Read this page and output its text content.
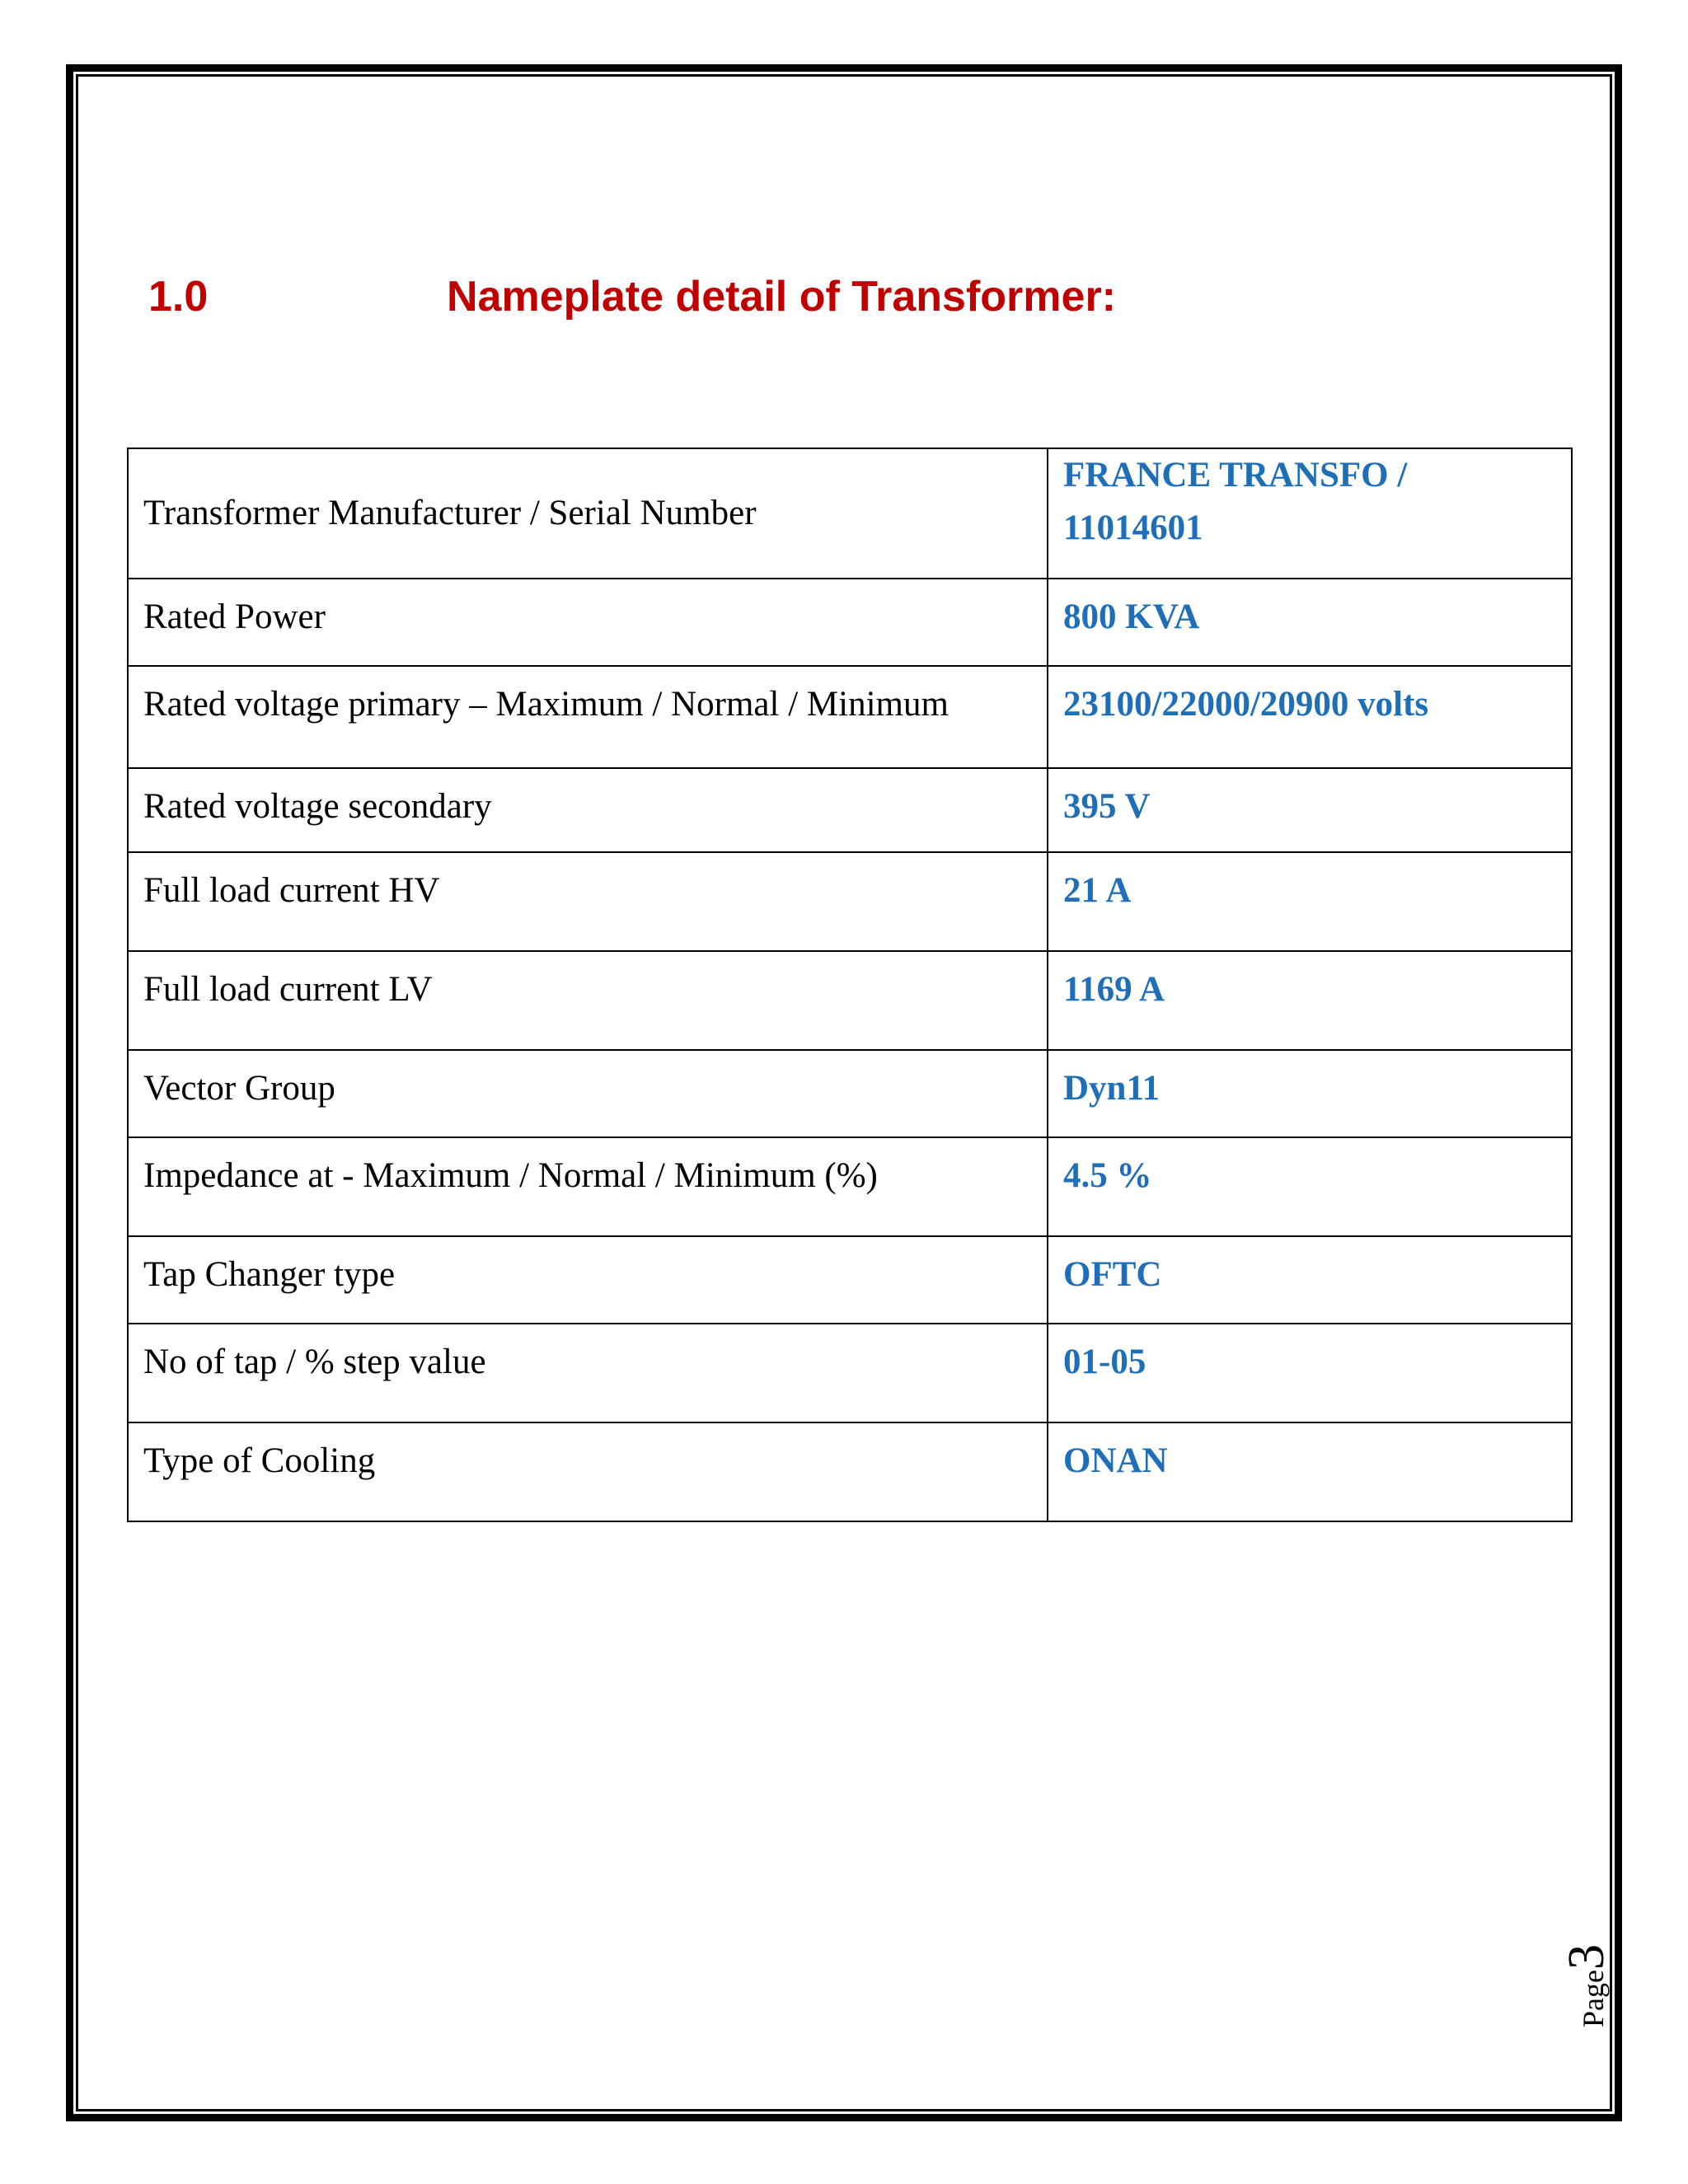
1.0	Nameplate detail of Transformer:
Transformer Manufacturer / Serial Number	FRANCE TRANSFO /
11014601

Rated Power	800 KVA
Rated voltage primary – Maximum / Normal / Minimum	23100/22000/20900 volts
Rated voltage secondary	395 V
Full load current HV	21 A
Full load current LV	1169 A
Vector Group	Dyn11
Impedance at - Maximum / Normal / Minimum (%)	4.5 %
Tap Changer type	OFTC
No of tap / % step value	01-05
Type of Cooling	ONAN
Page3
